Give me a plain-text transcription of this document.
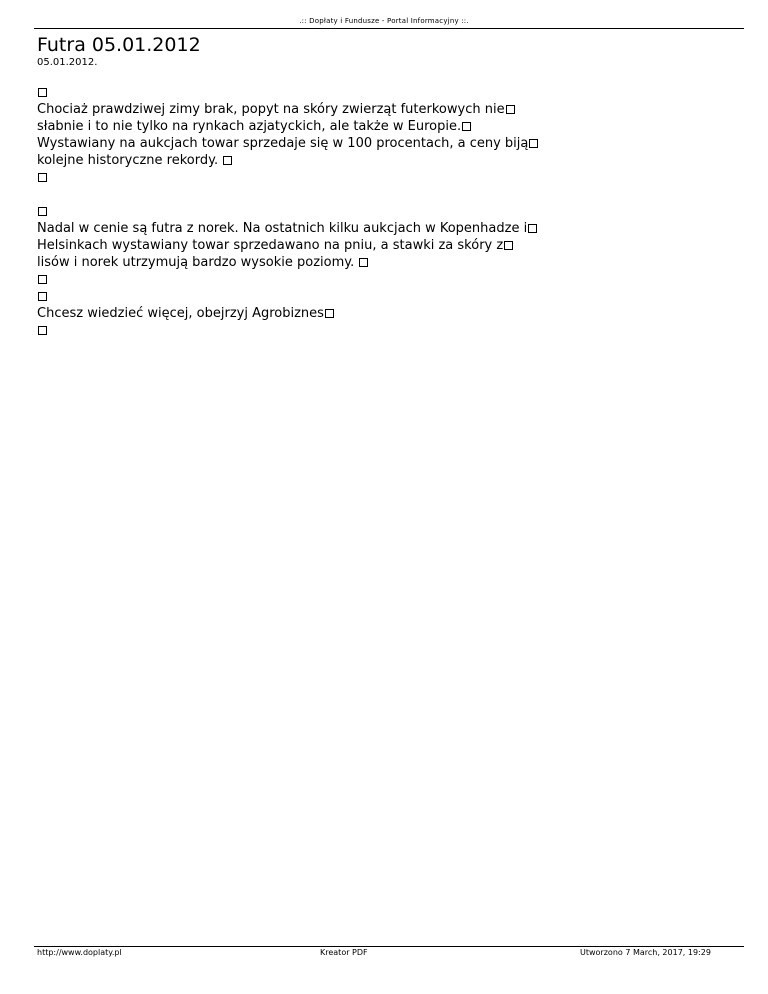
.:: Dopłaty i Fundusze - Portal Informacyjny ::.
Futra 05.01.2012
05.01.2012.
Chociaż prawdziwej zimy brak, popyt na skóry zwierząt futerkowych nie
słabnie i to nie tylko na rynkach azjatyckich, ale także w Europie.
Wystawiany na aukcjach towar sprzedaje się w 100 procentach, a ceny biją
kolejne historyczne rekordy.
Nadal w cenie są futra z norek. Na ostatnich kilku aukcjach w Kopenhadze i
Helsinkach wystawiany towar sprzedawano na pniu, a stawki za skóry z
lisów i norek utrzymują bardzo wysokie poziomy.
Chcesz wiedzieć więcej, obejrzyj Agrobiznes
http://www.doplaty.pl	Kreator PDF	Utworzono 7 March, 2017, 19:29
